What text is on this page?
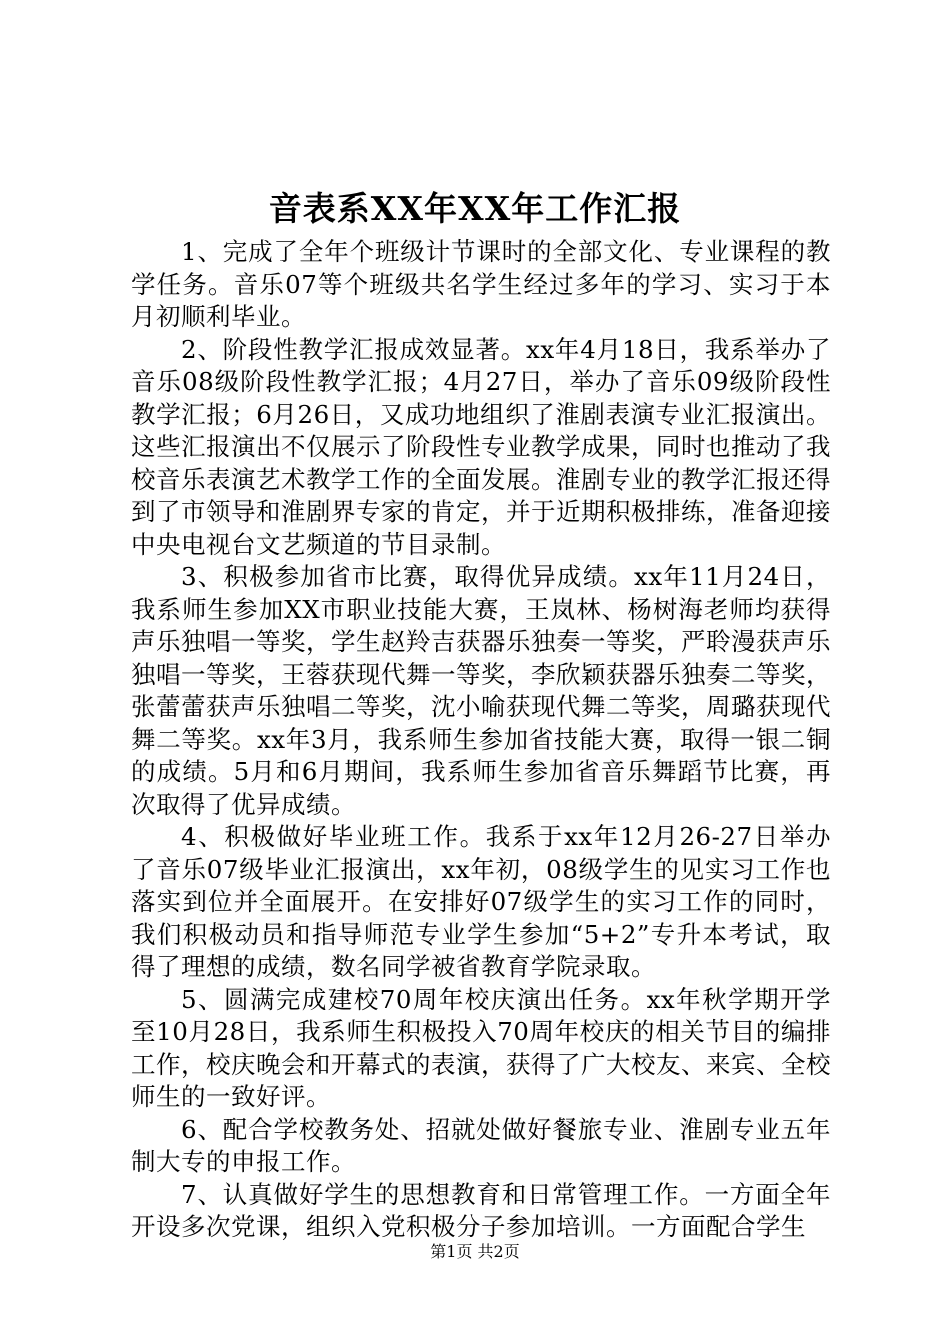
音表系XX年XX年工作汇报

1、完成了全年个班级计节课时的全部文化、专业课程的教学任务。音乐07等个班级共名学生经过多年的学习、实习于本月初顺利毕业。

2、阶段性教学汇报成效显著。xx年4月18日，我系举办了音乐08级阶段性教学汇报；4月27日，举办了音乐09级阶段性教学汇报；6月26日，又成功地组织了淮剧表演专业汇报演出。这些汇报演出不仅展示了阶段性专业教学成果，同时也推动了我校音乐表演艺术教学工作的全面发展。淮剧专业的教学汇报还得到了市领导和淮剧界专家的肯定，并于近期积极排练，准备迎接中央电视台文艺频道的节目录制。

3、积极参加省市比赛，取得优异成绩。xx年11月24日，我系师生参加XX市职业技能大赛，王岚林、杨树海老师均获得声乐独唱一等奖，学生赵羚吉获器乐独奏一等奖，严聆漫获声乐独唱一等奖，王蓉获现代舞一等奖，李欣颖获器乐独奏二等奖，张蕾蕾获声乐独唱二等奖，沈小喻获现代舞二等奖，周璐获现代舞二等奖。xx年3月，我系师生参加省技能大赛，取得一银二铜的成绩。5月和6月期间，我系师生参加省音乐舞蹈节比赛，再次取得了优异成绩。

4、积极做好毕业班工作。我系于xx年12月26-27日举办了音乐07级毕业汇报演出，xx年初，08级学生的见实习工作也落实到位并全面展开。在安排好07级学生的实习工作的同时，我们积极动员和指导师范专业学生参加“5+2”专升本考试，取得了理想的成绩，数名同学被省教育学院录取。

5、圆满完成建校70周年校庆演出任务。xx年秋学期开学至10月28日，我系师生积极投入70周年校庆的相关节目的编排工作，校庆晚会和开幕式的表演，获得了广大校友、来宾、全校师生的一致好评。

6、配合学校教务处、招就处做好餐旅专业、淮剧专业五年制大专的申报工作。

7、认真做好学生的思想教育和日常管理工作。一方面全年开设多次党课，组织入党积极分子参加培训。一方面配合学生

第1页 共2页
